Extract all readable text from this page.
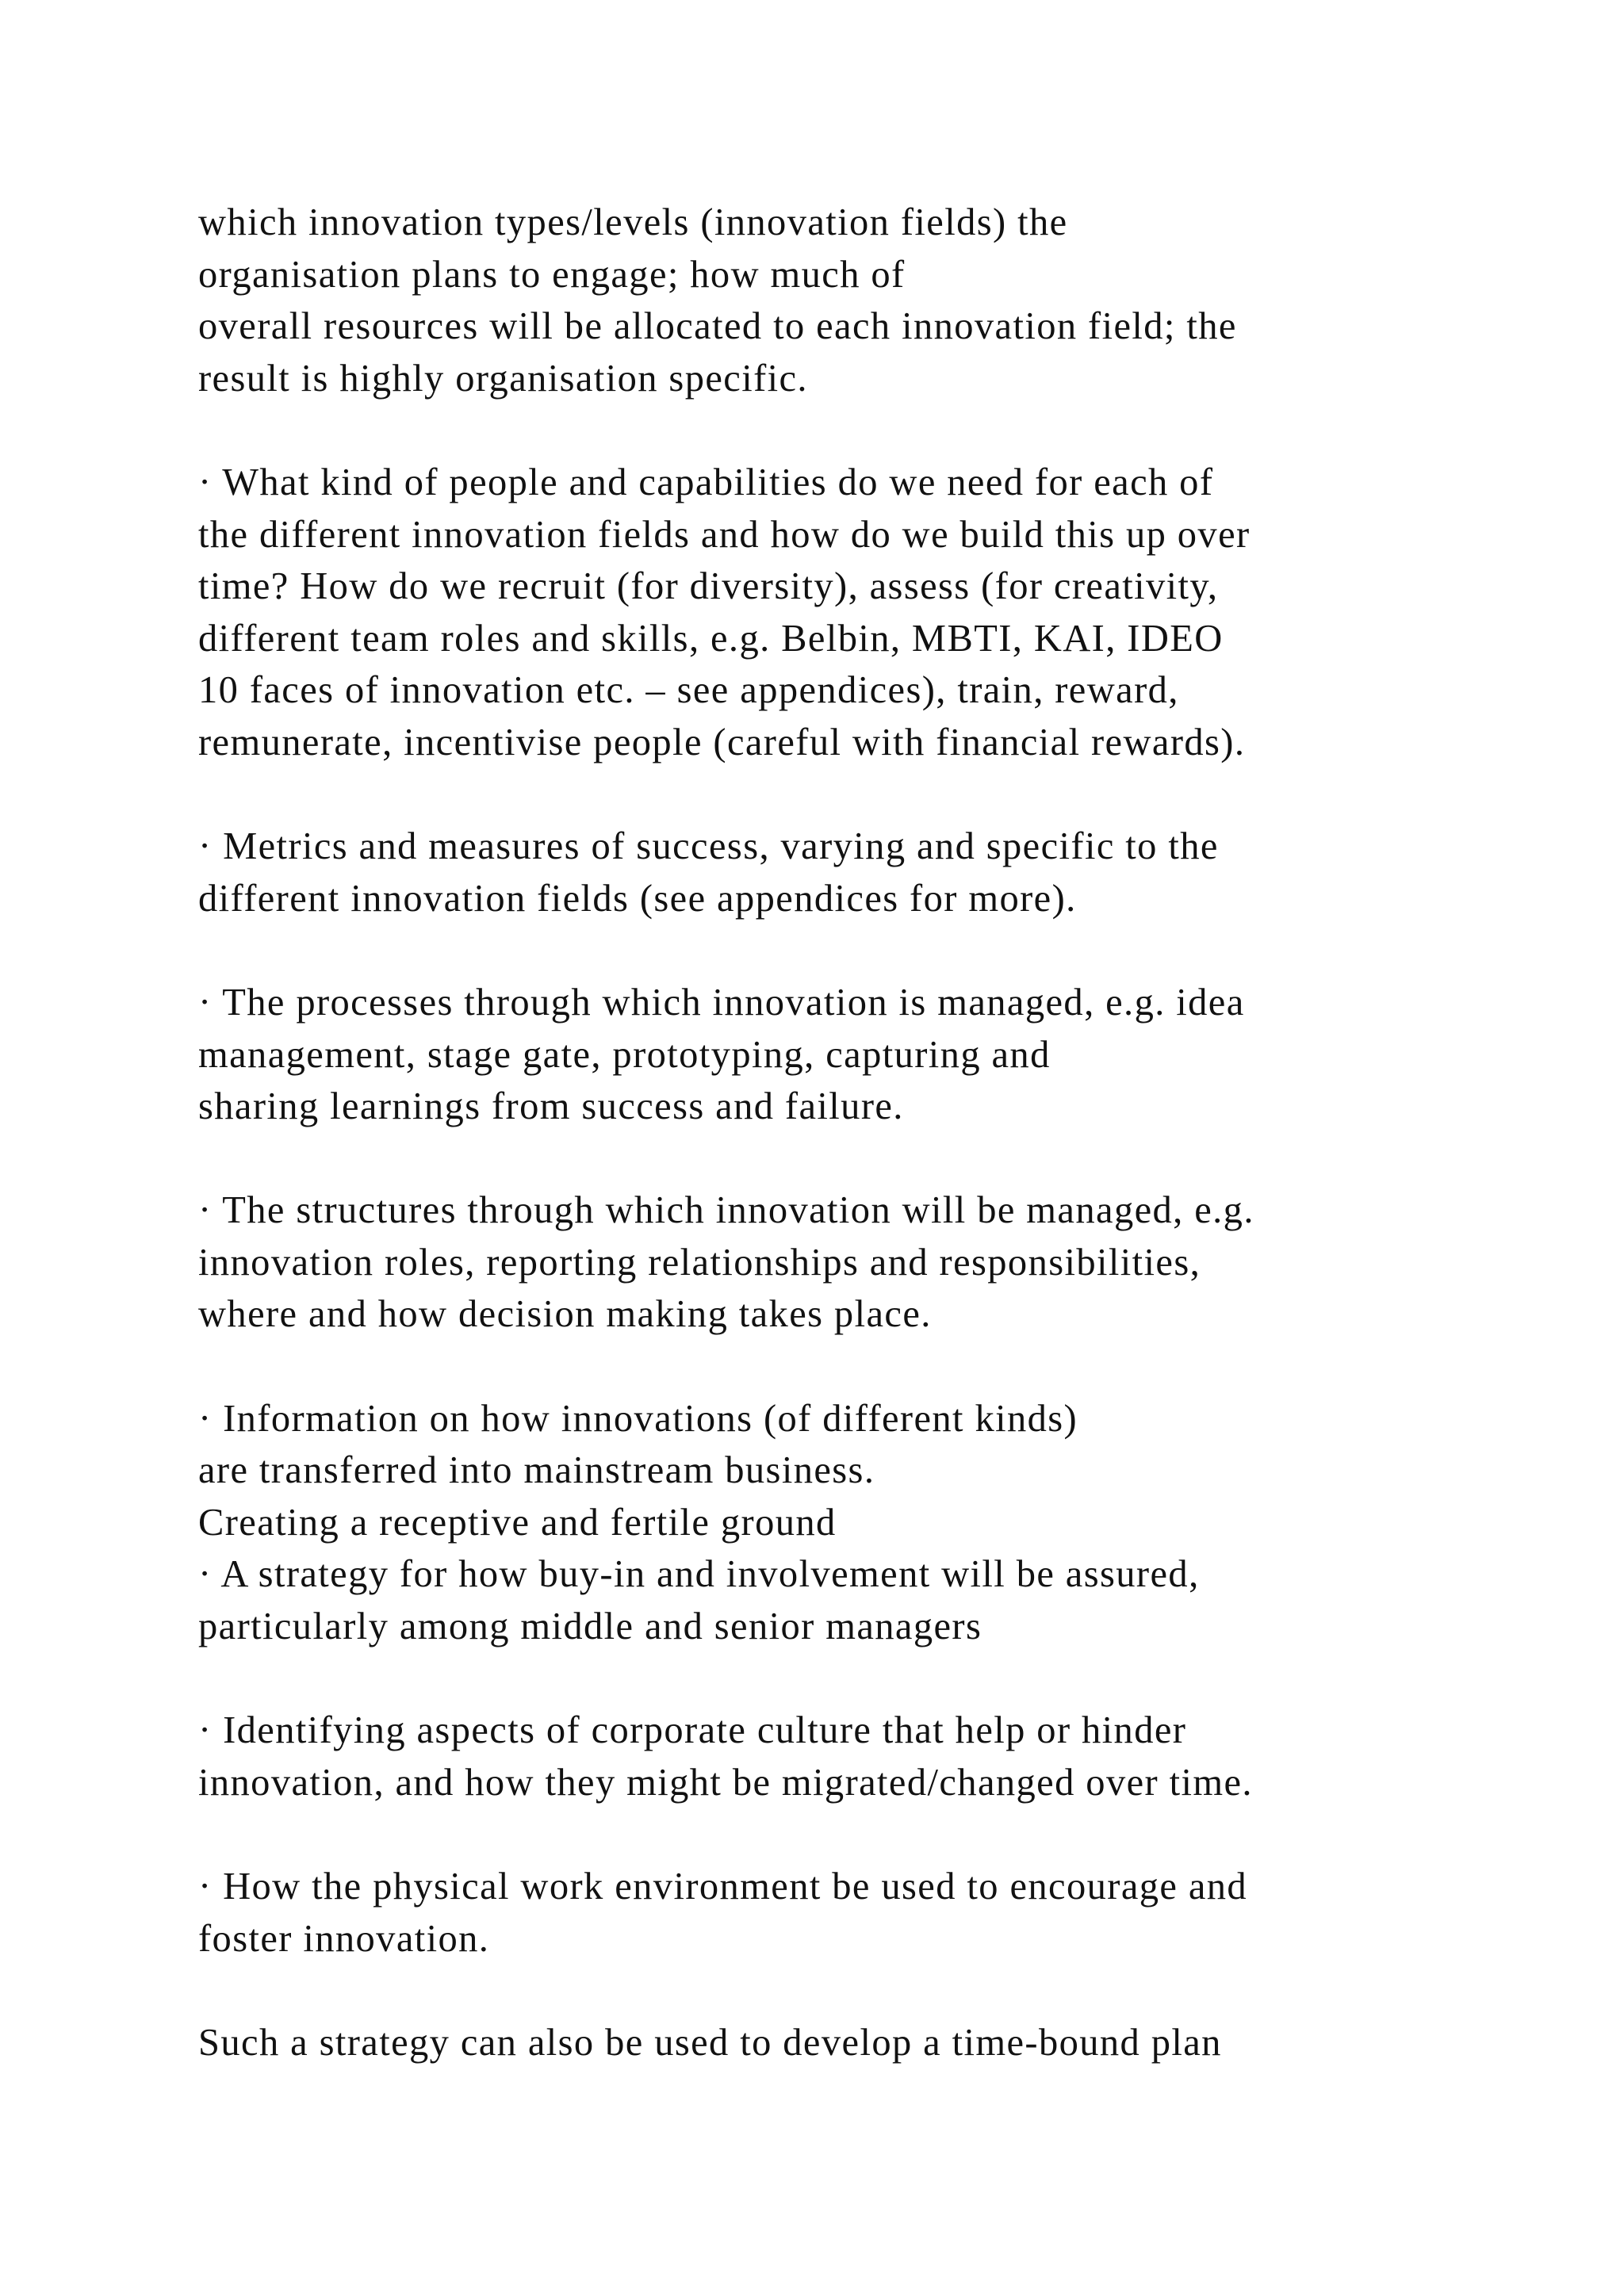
which innovation types/levels (innovation fields) the
organisation plans to engage; how much of
overall resources will be allocated to each innovation field; the
result is highly organisation specific.
· What kind of people and capabilities do we need for each of
the different innovation fields and how do we build this up over
time? How do we recruit (for diversity), assess (for creativity,
different team roles and skills, e.g. Belbin, MBTI, KAI, IDEO
10 faces of innovation etc. – see appendices), train, reward,
remunerate, incentivise people (careful with financial rewards).
· Metrics and measures of success, varying and specific to the
different innovation fields (see appendices for more).
· The processes through which innovation is managed, e.g. idea
management, stage gate, prototyping, capturing and
sharing learnings from success and failure.
· The structures through which innovation will be managed, e.g.
innovation roles, reporting relationships and responsibilities,
where and how decision making takes place.
· Information on how innovations (of different kinds)
are transferred into mainstream business.
Creating a receptive and fertile ground
· A strategy for how buy-in and involvement will be assured,
particularly among middle and senior managers
· Identifying aspects of corporate culture that help or hinder
innovation, and how they might be migrated/changed over time.
· How the physical work environment be used to encourage and
foster innovation.
Such a strategy can also be used to develop a time-bound plan
